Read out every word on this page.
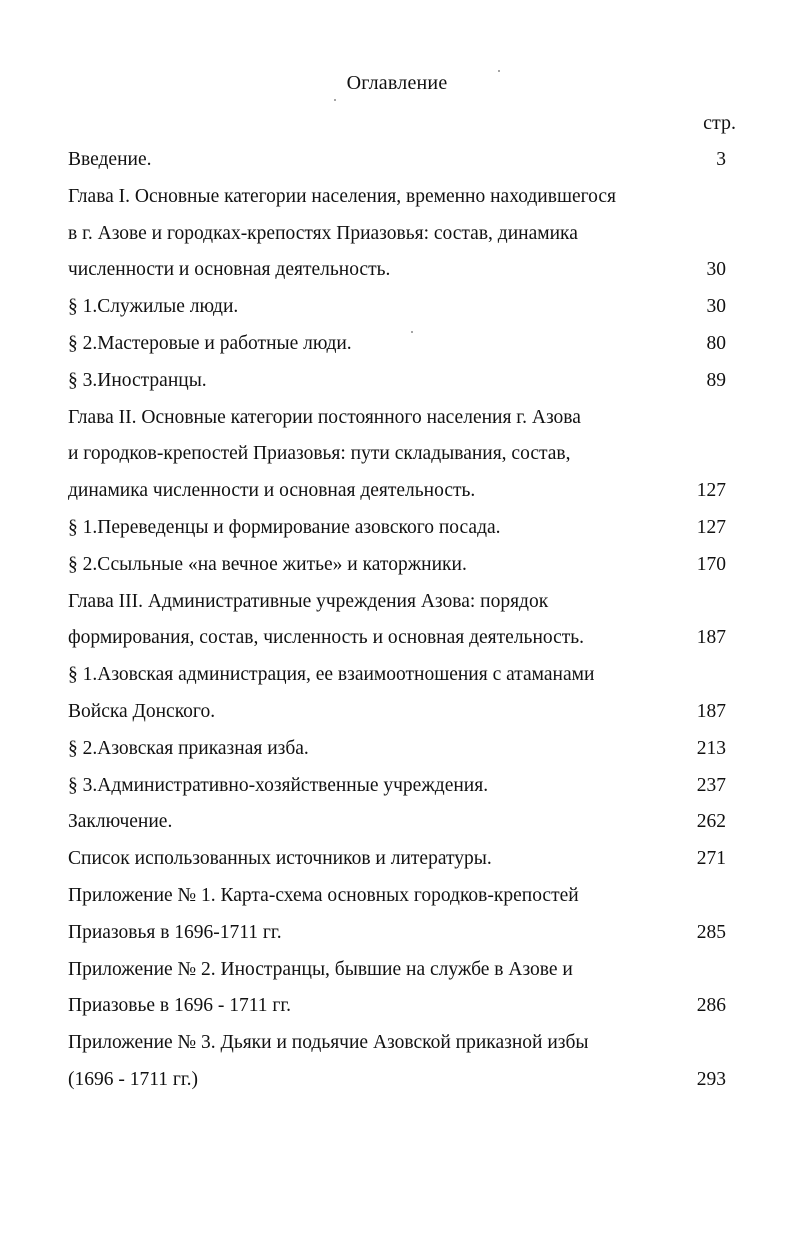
Оглавление
стр.
Введение.	3
Глава I. Основные категории населения, временно находившегося
в г. Азове и городках-крепостях Приазовья: состав, динамика
численности и основная деятельность.	30
§ 1.Служилые люди.	30
§ 2.Мастеровые и работные люди.	80
§ 3.Иностранцы.	89
Глава II. Основные категории постоянного населения г. Азова
и городков-крепостей Приазовья: пути складывания, состав,
динамика численности и основная деятельность.	127
§ 1.Переведенцы и формирование азовского посада.	127
§ 2.Ссыльные «на вечное житье» и каторжники.	170
Глава III. Административные учреждения Азова: порядок
формирования, состав, численность и основная деятельность.	187
§ 1.Азовская администрация, ее взаимоотношения с атаманами
Войска Донского.	187
§ 2.Азовская приказная изба.	213
§ 3.Административно-хозяйственные учреждения.	237
Заключение.	262
Список использованных источников и литературы.	271
Приложение № 1. Карта-схема основных городков-крепостей
Приазовья в 1696-1711 гг.	285
Приложение № 2. Иностранцы, бывшие на службе в Азове и
Приазовье в 1696 - 1711 гг.	286
Приложение № 3. Дьяки и подьячие Азовской приказной избы
(1696 - 1711 гг.)	293
